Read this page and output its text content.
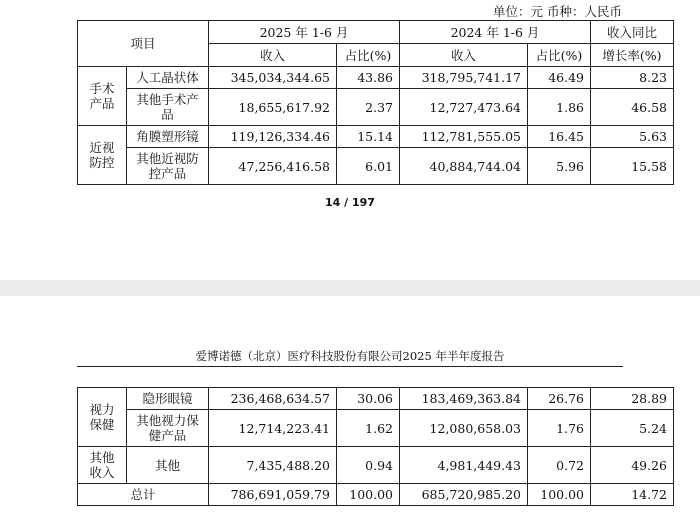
单位：元 币种：人民币
项目		2025 年 1-6 月		2024 年 1-6 月		收入同比
		收入	占比(%)	收入	占比(%)	增长率(%)
手术产品	人工晶状体	345,034,344.65	43.86	318,795,741.17	46.49	8.23
	其他手术产品	18,655,617.92	2.37	12,727,473.64	1.86	46.58
近视防控	角膜塑形镜	119,126,334.46	15.14	112,781,555.05	16.45	5.63
	其他近视防控产品	47,256,416.58	6.01	40,884,744.04	5.96	15.58
14 / 197
爱博诺德（北京）医疗科技股份有限公司2025 年半年度报告
视力保健	隐形眼镜	236,468,634.57	30.06	183,469,363.84	26.76	28.89
	其他视力保健产品	12,714,223.41	1.62	12,080,658.03	1.76	5.24
其他收入	其他	7,435,488.20	0.94	4,981,449.43	0.72	49.26
总计		786,691,059.79	100.00	685,720,985.20	100.00	14.72
